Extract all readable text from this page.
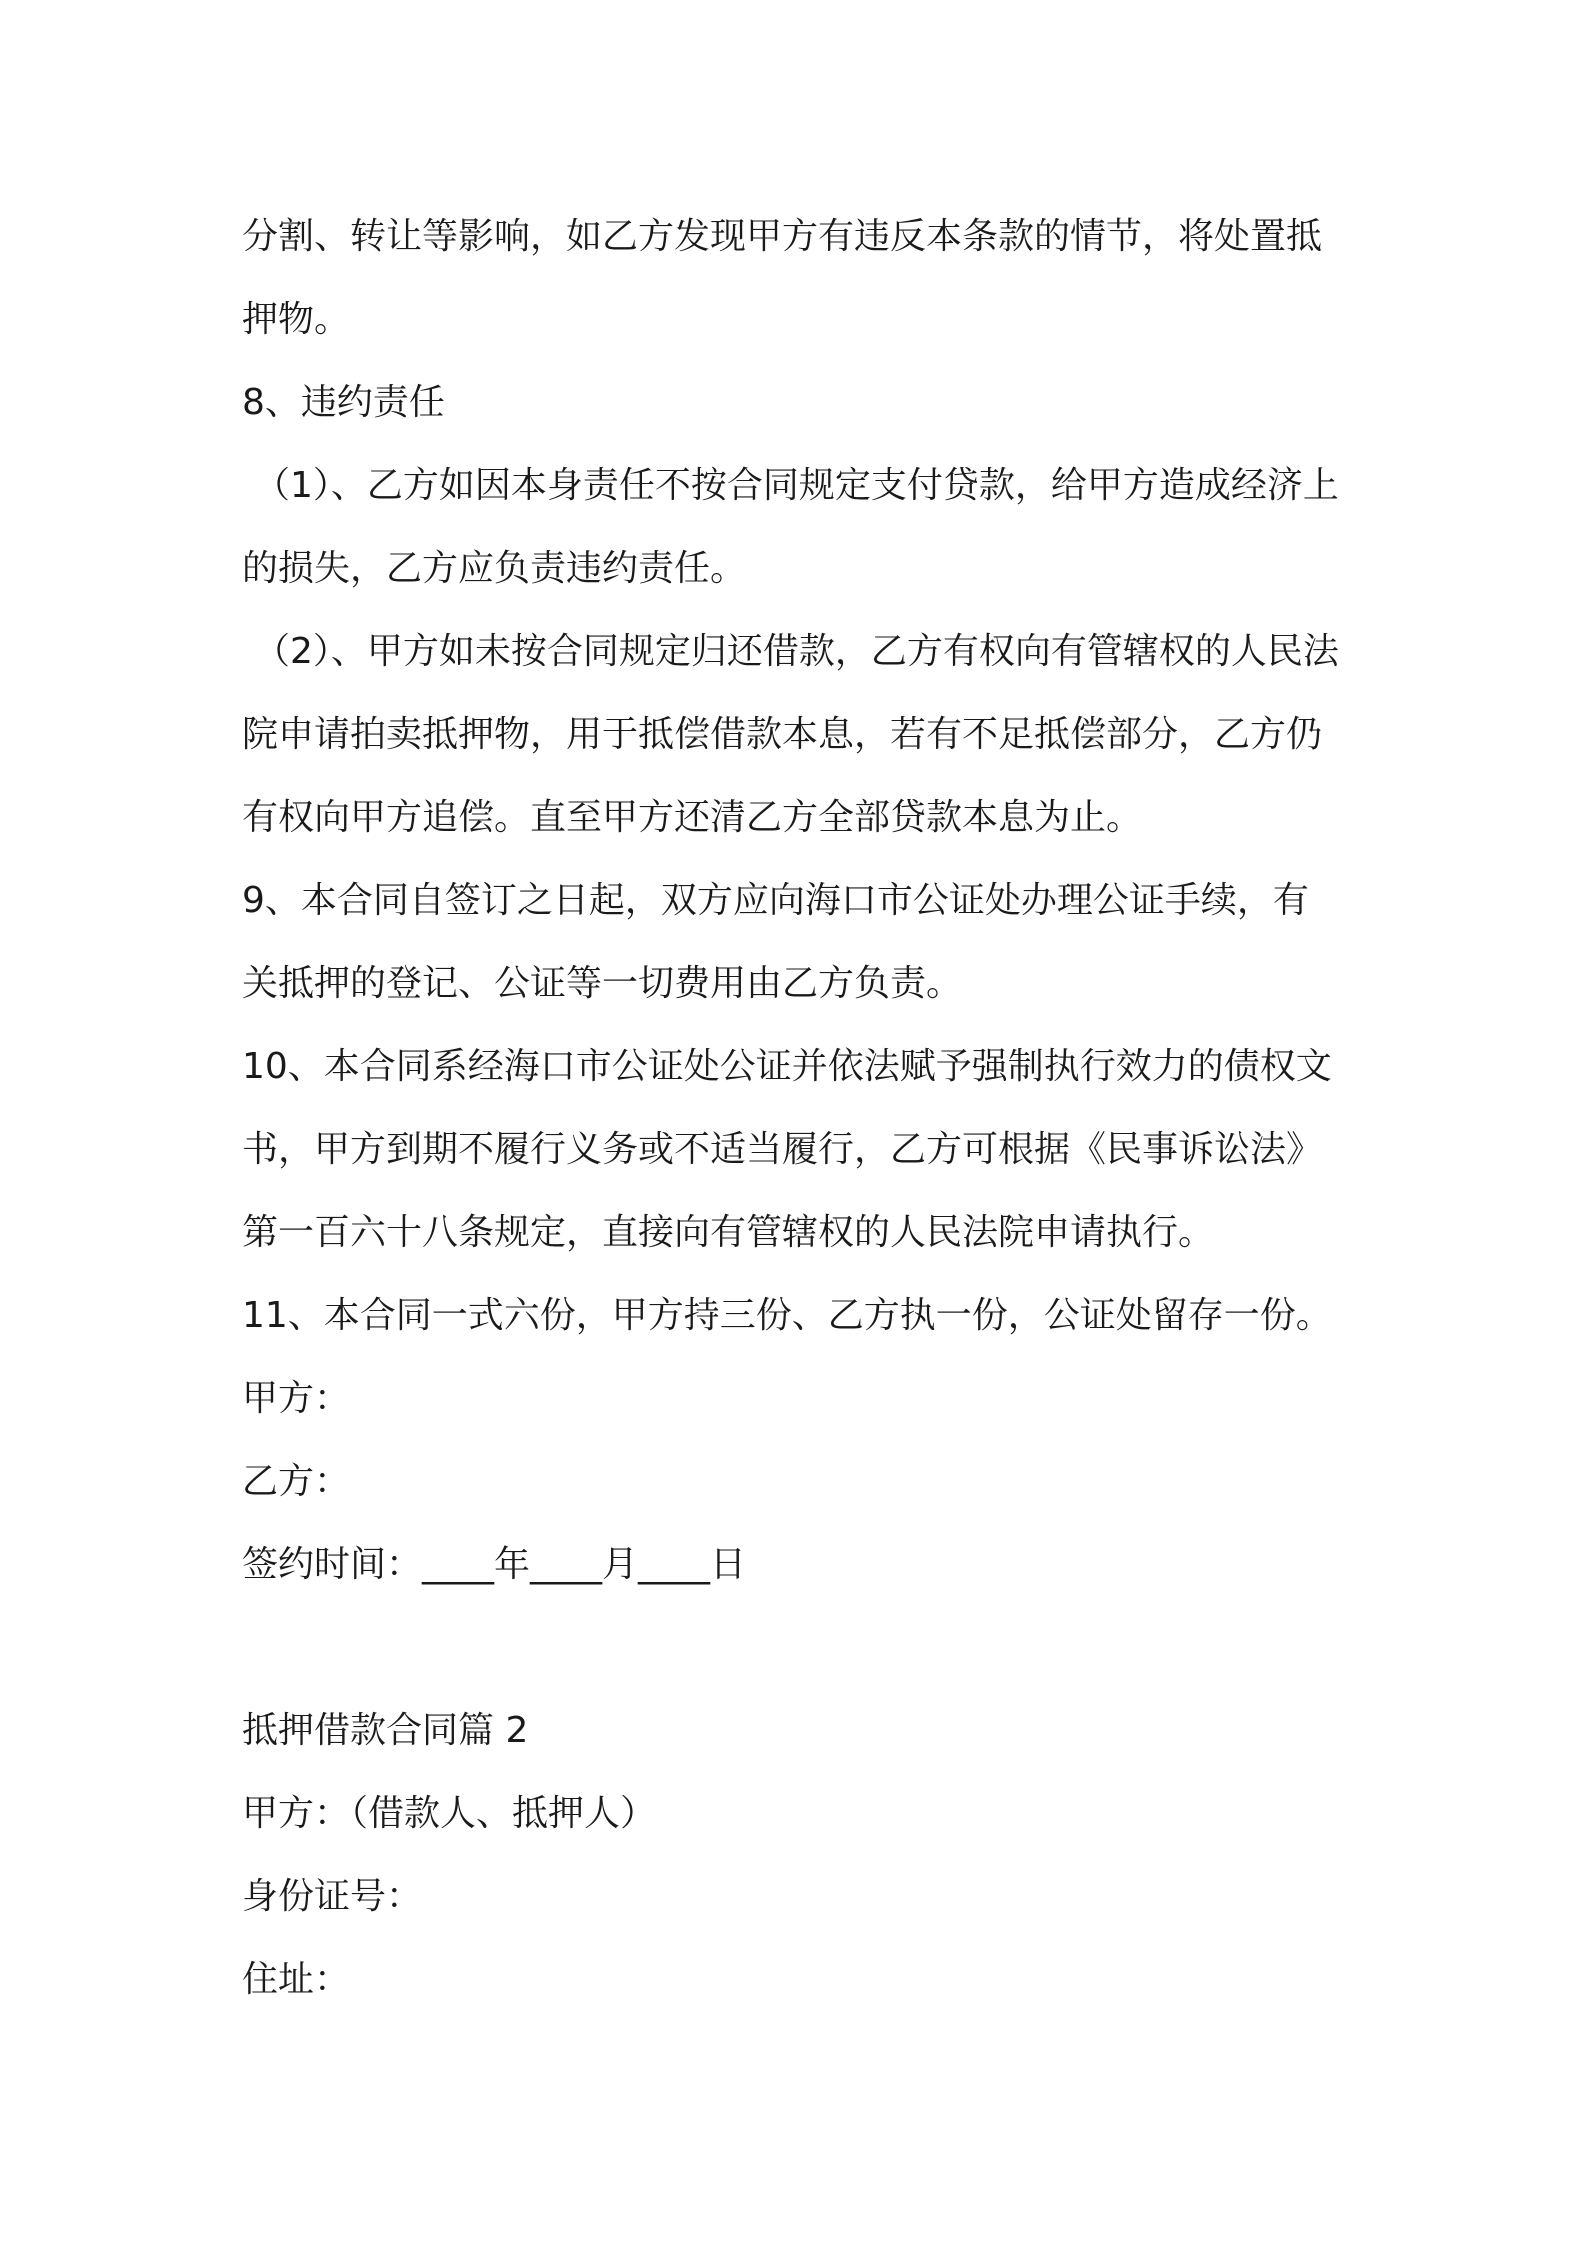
分割、转让等影响，如乙方发现甲方有违反本条款的情节，将处置抵
押物。
8、违约责任
（1）、乙方如因本身责任不按合同规定支付贷款，给甲方造成经济上
的损失，乙方应负责违约责任。
（2）、甲方如未按合同规定归还借款，乙方有权向有管辖权的人民法
院申请拍卖抵押物，用于抵偿借款本息，若有不足抵偿部分，乙方仍
有权向甲方追偿。直至甲方还清乙方全部贷款本息为止。
9、本合同自签订之日起，双方应向海口市公证处办理公证手续，有
关抵押的登记、公证等一切费用由乙方负责。
10、本合同系经海口市公证处公证并依法赋予强制执行效力的债权文
书，甲方到期不履行义务或不适当履行，乙方可根据《民事诉讼法》
第一百六十八条规定，直接向有管辖权的人民法院申请执行。
11、本合同一式六份，甲方持三份、乙方执一份，公证处留存一份。
甲方：
乙方：
签约时间：____年____月____日
抵押借款合同篇 2
甲方：（借款人、抵押人）
身份证号：
住址：
